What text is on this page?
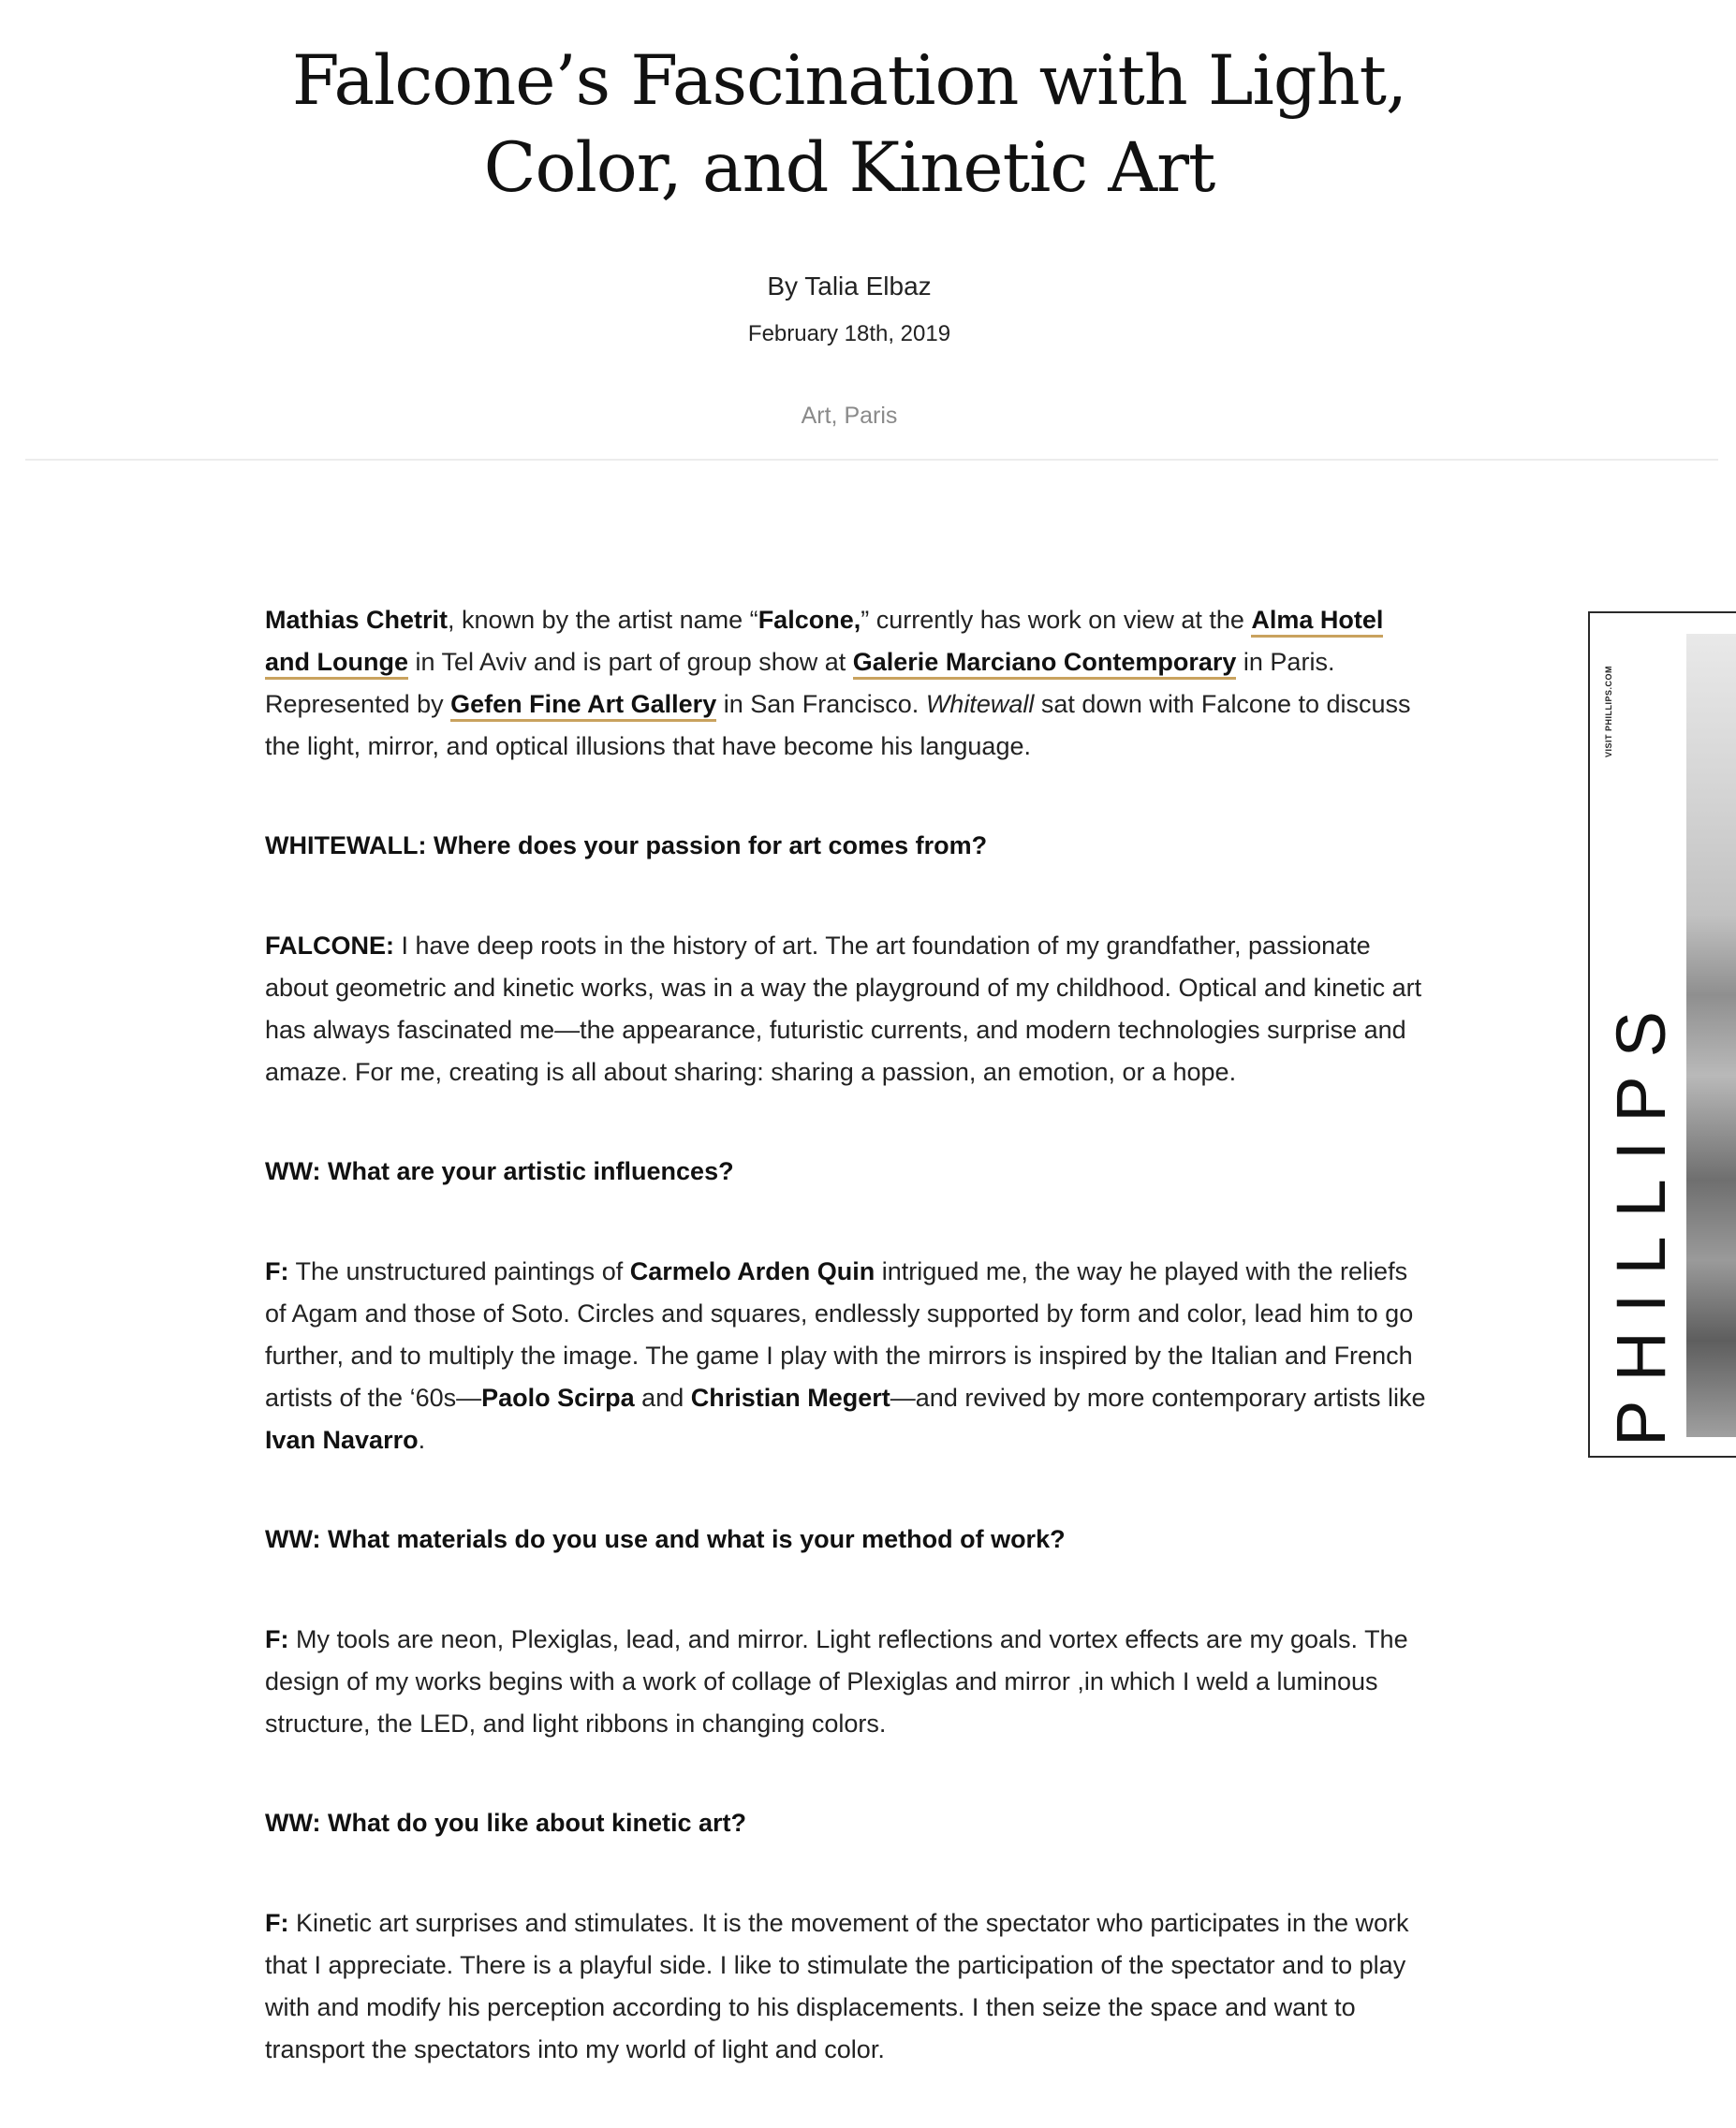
Falcone’s Fascination with Light,
Color, and Kinetic Art
By Talia Elbaz
February 18th, 2019
Art, Paris

Mathias Chetrit, known by the artist name “Falcone,” currently has work on view at the Alma Hotel and Lounge in Tel Aviv and is part of group show at Galerie Marciano Contemporary in Paris. Represented by Gefen Fine Art Gallery in San Francisco. Whitewall sat down with Falcone to discuss the light, mirror, and optical illusions that have become his language.

WHITEWALL: Where does your passion for art comes from?

FALCONE: I have deep roots in the history of art. The art foundation of my grandfather, passionate about geometric and kinetic works, was in a way the playground of my childhood. Optical and kinetic art has always fascinated me—the appearance, futuristic currents, and modern technologies surprise and amaze. For me, creating is all about sharing: sharing a passion, an emotion, or a hope.

WW: What are your artistic influences?

F: The unstructured paintings of Carmelo Arden Quin intrigued me, the way he played with the reliefs of Agam and those of Soto. Circles and squares, endlessly supported by form and color, lead him to go further, and to multiply the image. The game I play with the mirrors is inspired by the Italian and French artists of the ‘60s—Paolo Scirpa and Christian Megert—and revived by more contemporary artists like Ivan Navarro.

WW: What materials do you use and what is your method of work?

F: My tools are neon, Plexiglas, lead, and mirror. Light reflections and vortex effects are my goals. The design of my works begins with a work of collage of Plexiglas and mirror ,in which I weld a luminous structure, the LED, and light ribbons in changing colors.

WW: What do you like about kinetic art?

F: Kinetic art surprises and stimulates. It is the movement of the spectator who participates in the work that I appreciate. There is a playful side. I like to stimulate the participation of the spectator and to play with and modify his perception according to his displacements. I then seize the space and want to transport the spectators into my world of light and color.

VISIT PHILLIPS.COM
PHILLIPS
